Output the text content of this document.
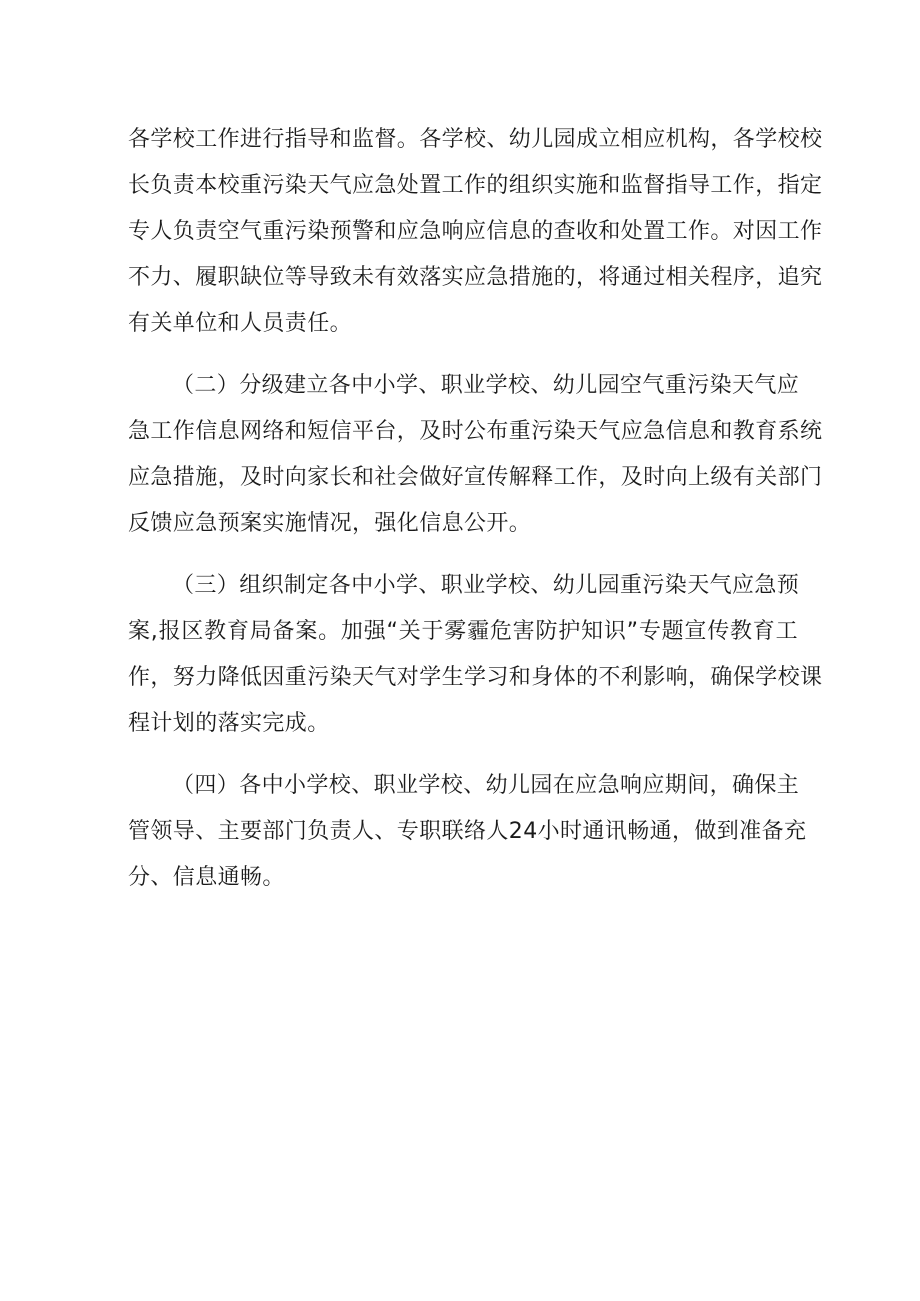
各学校工作进行指导和监督。各学校、幼儿园成立相应机构，各学校校
长负责本校重污染天气应急处置工作的组织实施和监督指导工作，指定
专人负责空气重污染预警和应急响应信息的查收和处置工作。对因工作
不力、履职缺位等导致未有效落实应急措施的，将通过相关程序，追究
有关单位和人员责任。

（二）分级建立各中小学、职业学校、幼儿园空气重污染天气应
急工作信息网络和短信平台，及时公布重污染天气应急信息和教育系统
应急措施，及时向家长和社会做好宣传解释工作，及时向上级有关部门
反馈应急预案实施情况，强化信息公开。

（三）组织制定各中小学、职业学校、幼儿园重污染天气应急预
案,报区教育局备案。加强“关于雾霾危害防护知识”专题宣传教育工
作，努力降低因重污染天气对学生学习和身体的不利影响，确保学校课
程计划的落实完成。

（四）各中小学校、职业学校、幼儿园在应急响应期间，确保主
管领导、主要部门负责人、专职联络人24小时通讯畅通，做到准备充
分、信息通畅。
